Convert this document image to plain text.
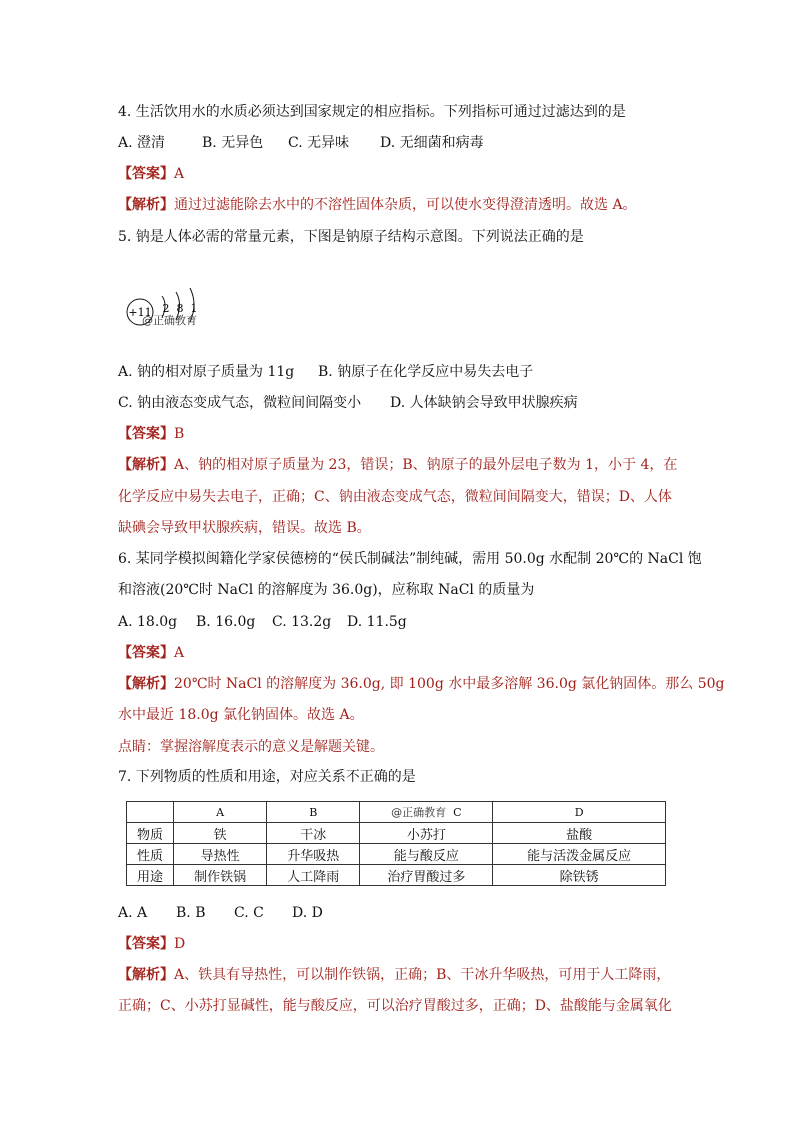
4. 生活饮用水的水质必须达到国家规定的相应指标。下列指标可通过过滤达到的是
A. 澄清	B. 无异色 C. 无异味 D. 无细菌和病毒
【答案】A
【解析】通过过滤能除去水中的不溶性固体杂质，可以使水变得澄清透明。故选 A。
5. 钠是人体必需的常量元素，下图是钠原子结构示意图。下列说法正确的是
+11 2 8 1
@正确教育
A. 钠的相对原子质量为 11g B. 钠原子在化学反应中易失去电子
C. 钠由液态变成气态，微粒间间隔变小 D. 人体缺钠会导致甲状腺疾病
【答案】B
【解析】A、钠的相对原子质量为 23，错误；B、钠原子的最外层电子数为 1，小于 4，在
化学反应中易失去电子，正确；C、钠由液态变成气态，微粒间间隔变大，错误；D、人体
缺碘会导致甲状腺疾病，错误。故选 B。
6. 某同学模拟闽籍化学家侯德榜的“侯氏制碱法”制纯碱，需用 50.0g 水配制 20℃的 NaCl 饱
和溶液(20℃时 NaCl 的溶解度为 36.0g)，应称取 NaCl 的质量为
A. 18.0g B. 16.0g C. 13.2g D. 11.5g
【答案】A
【解析】20℃时 NaCl 的溶解度为 36.0g, 即 100g 水中最多溶解 36.0g 氯化钠固体。那么 50g
水中最近 18.0g 氯化钠固体。故选 A。
点睛：掌握溶解度表示的意义是解题关键。
7. 下列物质的性质和用途，对应关系不正确的是
	A	B	@正确教育 C	D
物质	铁	干冰	小苏打	盐酸
性质	导热性	升华吸热	能与酸反应	能与活泼金属反应
用途	制作铁锅	人工降雨	治疗胃酸过多	除铁锈
A. A B. B C. C D. D
【答案】D
【解析】A、铁具有导热性，可以制作铁锅，正确；B、干冰升华吸热，可用于人工降雨，
正确；C、小苏打显碱性，能与酸反应，可以治疗胃酸过多，正确；D、盐酸能与金属氧化
